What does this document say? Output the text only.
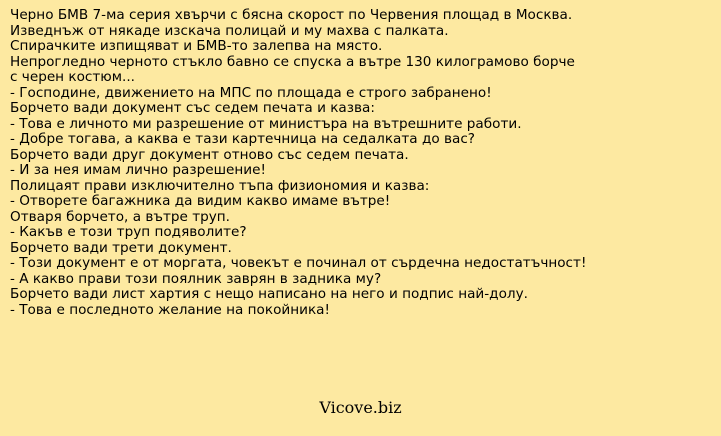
Черно БМВ 7-ма серия хвърчи с бясна скорост по Червения площад в Москва.
Изведнъж от някаде изскача полицай и му махва с палката.
Спирачките изпищяват и БМВ-то залепва на място.
Непрогледно черното стъкло бавно се спуска а вътре 130 килограмово борче
с черен костюм...
- Господине, движението на МПС по площада е строго забранено!
Борчето вади документ със седем печата и казва:
- Това е личното ми разрешение от министъра на вътрешните работи.
- Добре тогава, а каква е тази картечница на седалката до вас?
Борчето вади друг документ отново със седем печата.
- И за нея имам лично разрешение!
Полицаят прави изключително тъпа физиономия и казва:
- Отворете багажника да видим какво имаме вътре!
Отваря борчето, а вътре труп.
- Какъв е този труп подяволите?
Борчето вади трети документ.
- Този документ е от моргата, човекът е починал от сърдечна недостатъчност!
- А какво прави този поялник заврян в задника му?
Борчето вади лист хартия с нещо написано на него и подпис най-долу.
- Това е последното желание на покойника!
Vicove.biz
